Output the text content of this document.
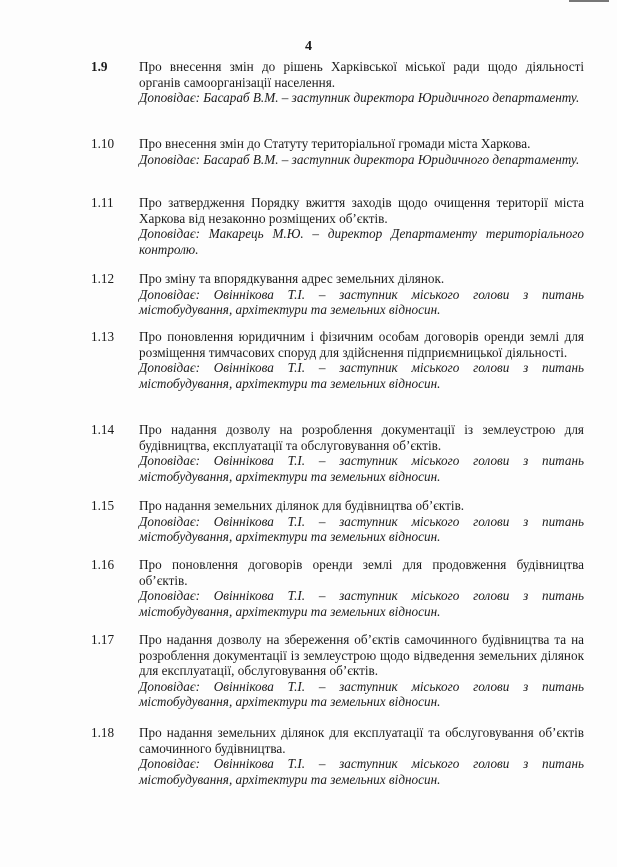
4
1.9	Про внесення змін до рішень Харківської міської ради щодо діяльності органів самоорганізації населення.
Доповідає: Басараб В.М. – заступник директора Юридичного департаменту.
1.10	Про внесення змін до Статуту територіальної громади міста Харкова.
Доповідає: Басараб В.М. – заступник директора Юридичного департаменту.
1.11	Про затвердження Порядку вжиття заходів щодо очищення території міста Харкова від незаконно розміщених об’єктів.
Доповідає: Макарець М.Ю. – директор Департаменту територіального контролю.
1.12	Про зміну та впорядкування адрес земельних ділянок.
Доповідає: Овіннікова Т.І. – заступник міського голови з питань містобудування, архітектури та земельних відносин.
1.13	Про поновлення юридичним і фізичним особам договорів оренди землі для розміщення тимчасових споруд для здійснення підприємницької діяльності.
Доповідає: Овіннікова Т.І. – заступник міського голови з питань містобудування, архітектури та земельних відносин.
1.14	Про надання дозволу на розроблення документації із землеустрою для будівництва, експлуатації та обслуговування об’єктів.
Доповідає: Овіннікова Т.І. – заступник міського голови з питань містобудування, архітектури та земельних відносин.
1.15	Про надання земельних ділянок для будівництва об’єктів.
Доповідає: Овіннікова Т.І. – заступник міського голови з питань містобудування, архітектури та земельних відносин.
1.16	Про поновлення договорів оренди землі для продовження будівництва об’єктів.
Доповідає: Овіннікова Т.І. – заступник міського голови з питань містобудування, архітектури та земельних відносин.
1.17	Про надання дозволу на збереження об’єктів самочинного будівництва та на розроблення документації із землеустрою щодо відведення земельних ділянок для експлуатації, обслуговування об’єктів.
Доповідає: Овіннікова Т.І. – заступник міського голови з питань містобудування, архітектури та земельних відносин.
1.18	Про надання земельних ділянок для експлуатації та обслуговування об’єктів самочинного будівництва.
Доповідає: Овіннікова Т.І. – заступник міського голови з питань містобудування, архітектури та земельних відносин.
